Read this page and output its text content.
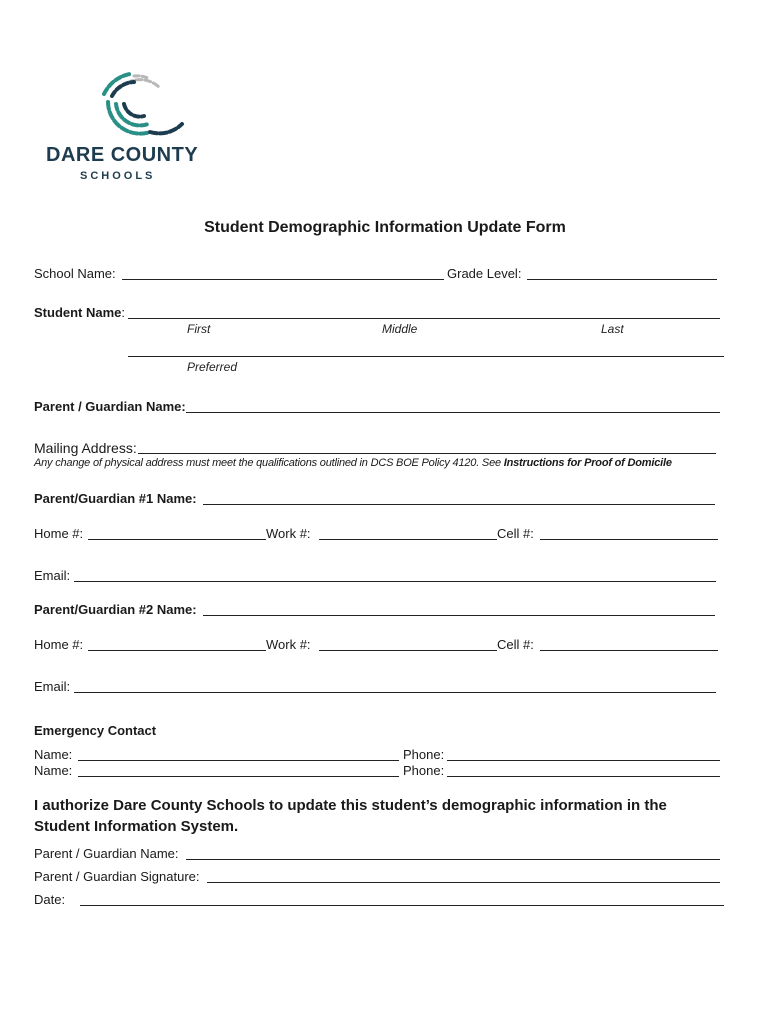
DARE COUNTY
SCHOOLS
Student Demographic Information Update Form
School Name:	Grade Level:
Student Name:
First	Middle	Last
Preferred
Parent / Guardian Name:
Mailing Address:
Any change of physical address must meet the qualifications outlined in DCS BOE Policy 4120. See Instructions for Proof of Domicile
Parent/Guardian #1 Name:
Home #:	Work #:	Cell #:
Email:
Parent/Guardian #2 Name:
Home #:	Work #:	Cell #:
Email:
Emergency Contact
Name:	Phone:
Name:	Phone:
I authorize Dare County Schools to update this student’s demographic information in the
Student Information System.
Parent / Guardian Name:
Parent / Guardian Signature:
Date:
